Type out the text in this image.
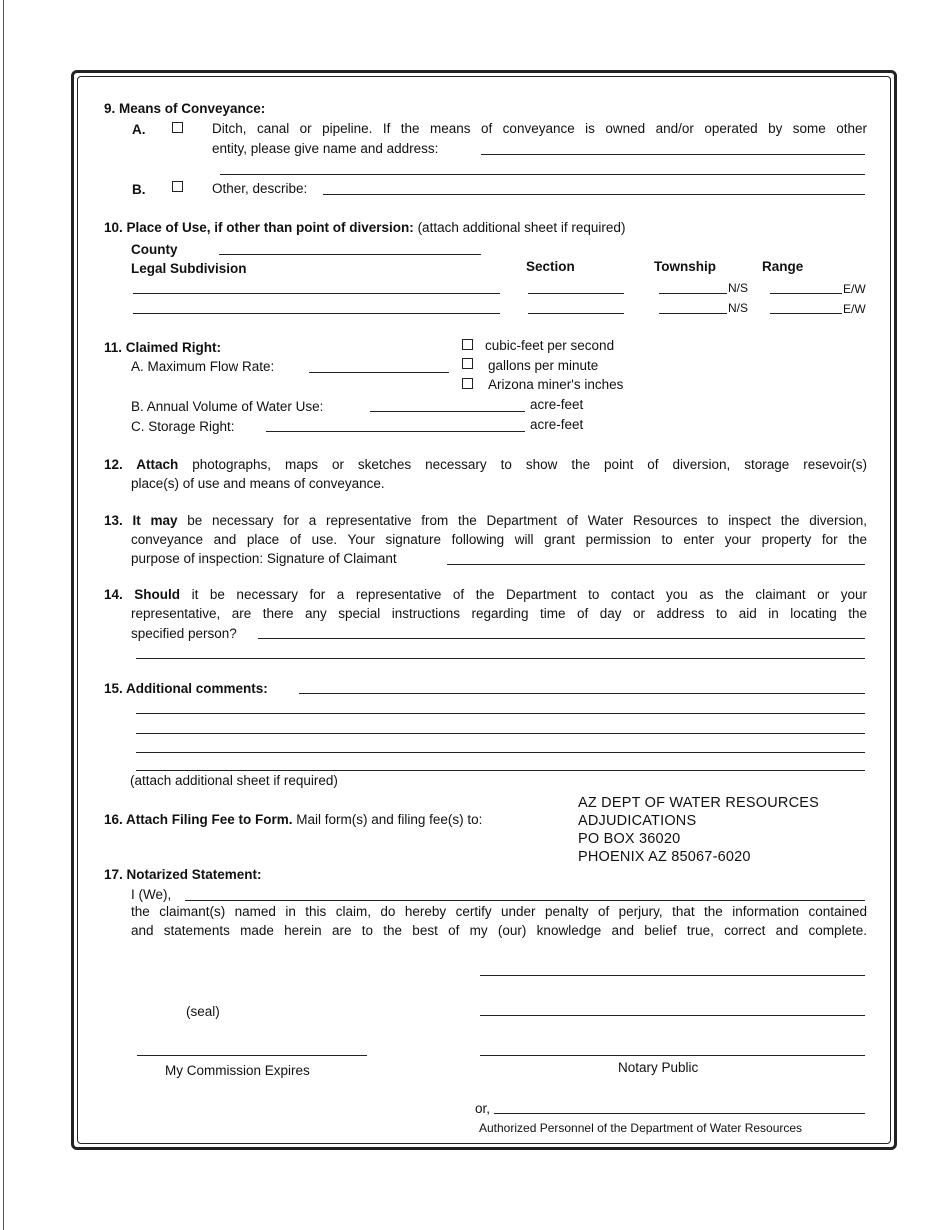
9. Means of Conveyance:
A.	Ditch, canal or pipeline. If the means of conveyance is owned and/or operated by some other
entity, please give name and address:
B.	Other, describe:
10. Place of Use, if other than point of diversion: (attach additional sheet if required)
County
Legal Subdivision	Section	Township	Range
N/S	E/W
N/S	E/W
11. Claimed Right:	cubic-feet per second
A. Maximum Flow Rate:	gallons per minute
Arizona miner's inches
B. Annual Volume of Water Use:	acre-feet
C. Storage Right:	acre-feet
12. Attach photographs, maps or sketches necessary to show the point of diversion, storage resevoir(s)
place(s) of use and means of conveyance.
13. It may be necessary for a representative from the Department of Water Resources to inspect the diversion,
conveyance and place of use. Your signature following will grant permission to enter your property for the
purpose of inspection: Signature of Claimant
14. Should it be necessary for a representative of the Department to contact you as the claimant or your
representative, are there any special instructions regarding time of day or address to aid in locating the
specified person?
15. Additional comments:
(attach additional sheet if required)
16. Attach Filing Fee to Form. Mail form(s) and filing fee(s) to:
AZ DEPT OF WATER RESOURCES
ADJUDICATIONS
PO BOX 36020
PHOENIX AZ 85067-6020
17. Notarized Statement:
I (We),
the claimant(s) named in this claim, do hereby certify under penalty of perjury, that the information contained
and statements made herein are to the best of my (our) knowledge and belief true, correct and complete.
(seal)
My Commission Expires	Notary Public
or,
Authorized Personnel of the Department of Water Resources
